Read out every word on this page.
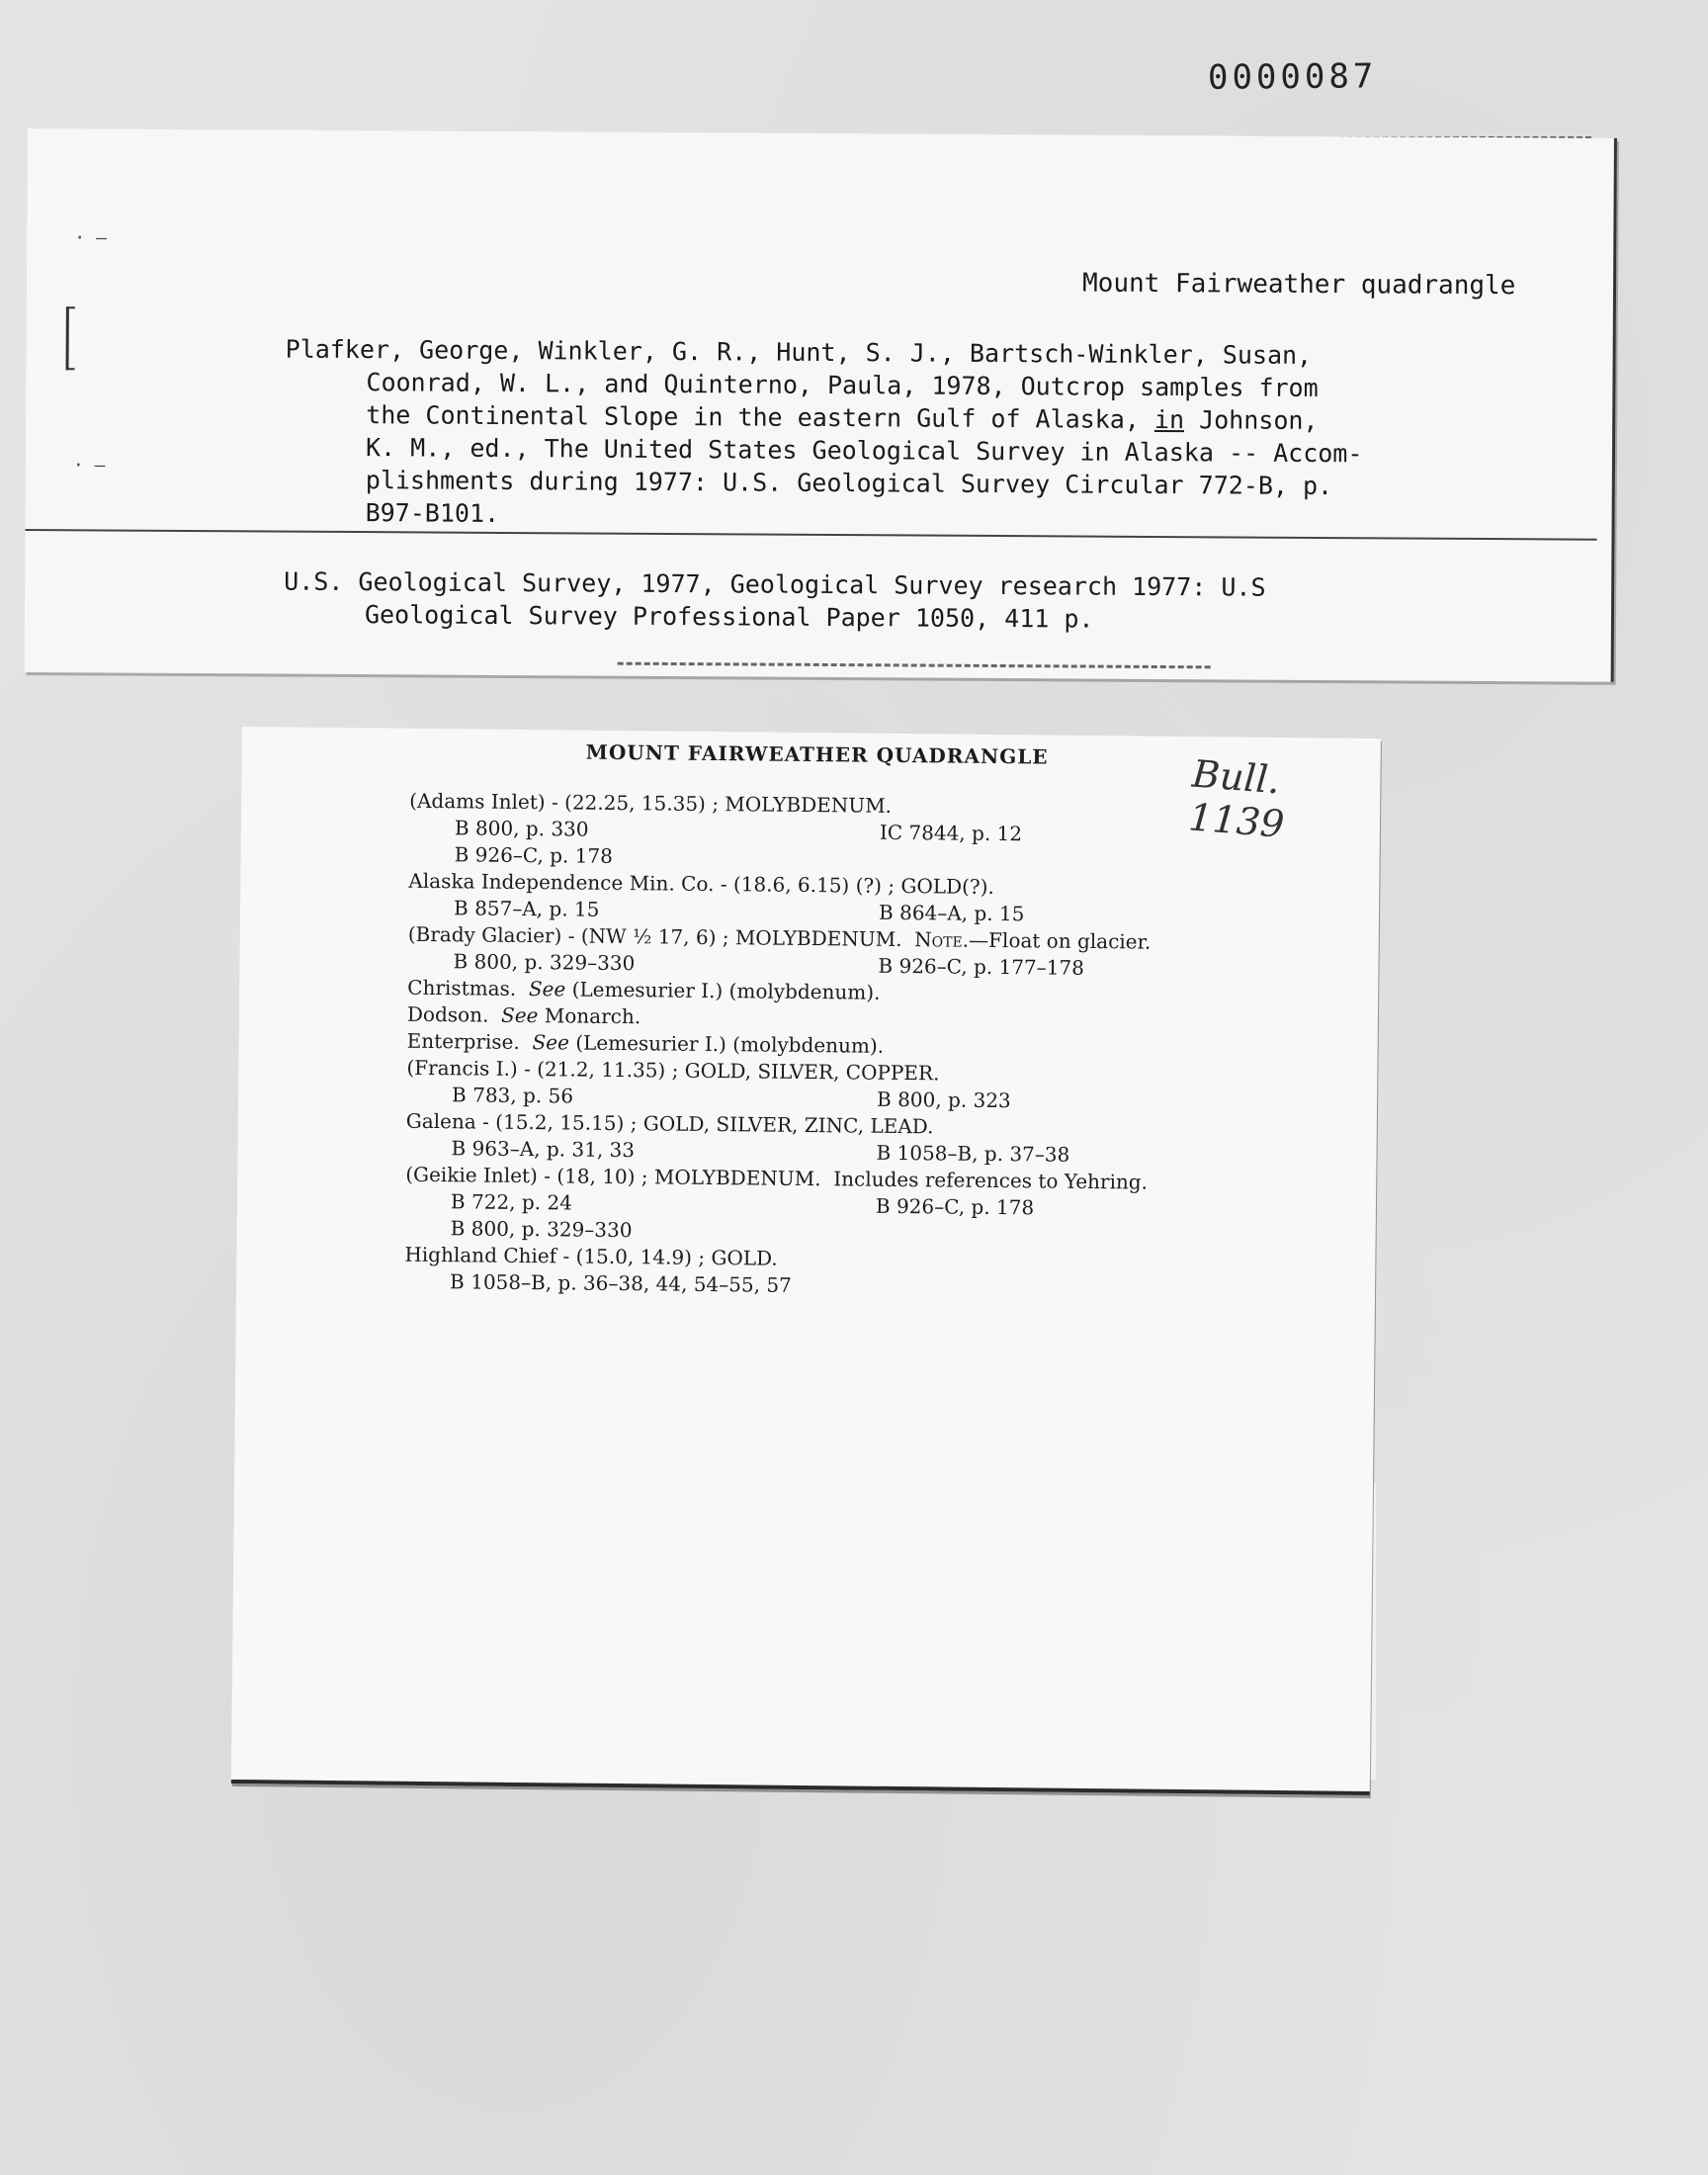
0000087
· –
· –
Mount Fairweather quadrangle
Plafker, George, Winkler, G. R., Hunt, S. J., Bartsch-Winkler, Susan,
Coonrad, W. L., and Quinterno, Paula, 1978, Outcrop samples from
the Continental Slope in the eastern Gulf of Alaska, in Johnson,
K. M., ed., The United States Geological Survey in Alaska -- Accom-
plishments during 1977: U.S. Geological Survey Circular 772-B, p.
B97-B101.
U.S. Geological Survey, 1977, Geological Survey research 1977: U.S
Geological Survey Professional Paper 1050, 411 p.
MOUNT FAIRWEATHER QUADRANGLE	Bull. 1139
(Adams Inlet) - (22.25, 15.35) ; MOLYBDENUM.
B 800, p. 330	IC 7844, p. 12
B 926–C, p. 178
Alaska Independence Min. Co. - (18.6, 6.15) (?) ; GOLD(?).
B 857–A, p. 15	B 864–A, p. 15
(Brady Glacier) - (NW ½ 17, 6) ; MOLYBDENUM. Note.—Float on glacier.
B 800, p. 329–330	B 926–C, p. 177–178
Christmas. See (Lemesurier I.) (molybdenum).
Dodson. See Monarch.
Enterprise. See (Lemesurier I.) (molybdenum).
(Francis I.) - (21.2, 11.35) ; GOLD, SILVER, COPPER.
B 783, p. 56	B 800, p. 323
Galena - (15.2, 15.15) ; GOLD, SILVER, ZINC, LEAD.
B 963–A, p. 31, 33	B 1058–B, p. 37–38
(Geikie Inlet) - (18, 10) ; MOLYBDENUM. Includes references to Yehring.
B 722, p. 24	B 926–C, p. 178
B 800, p. 329–330
Highland Chief - (15.0, 14.9) ; GOLD.
B 1058–B, p. 36–38, 44, 54–55, 57
